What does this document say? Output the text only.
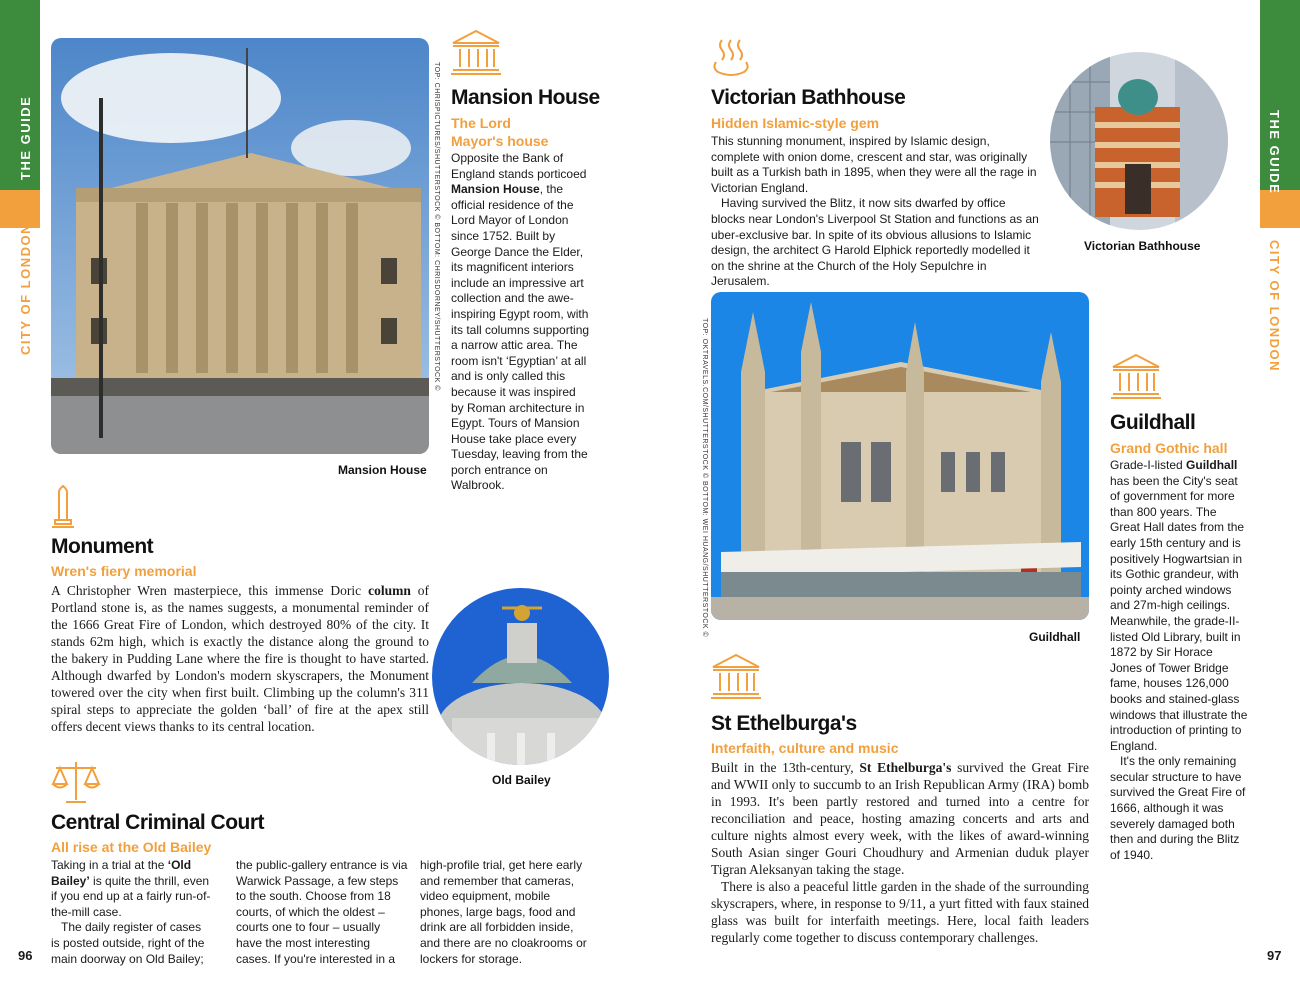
THE GUIDE
CITY OF LONDON
THE GUIDE
CITY OF LONDON
96	97
TOP: CHRISPICTURES/SHUTTERSTOCK © BOTTOM: CHRISDORNEY/SHUTTERSTOCK ©
Mansion House
Mansion House
The Lord
Mayor's house
Opposite the Bank of England stands porticoed Mansion House, the official residence of the Lord Mayor of London since 1752. Built by George Dance the Elder, its magnificent interiors include an impressive art collection and the awe-inspiring Egypt room, with its tall columns supporting a narrow attic area. The room isn't ‘Egyptian’ at all and is only called this because it was inspired by Roman architecture in Egypt. Tours of Mansion House take place every Tuesday, leaving from the porch entrance on Walbrook.
Monument
Wren's fiery memorial
A Christopher Wren masterpiece, this immense Doric column of Portland stone is, as the names suggests, a monumental reminder of the 1666 Great Fire of London, which destroyed 80% of the city. It stands 62m high, which is exactly the distance along the ground to the bakery in Pudding Lane where the fire is thought to have started. Although dwarfed by London's modern skyscrapers, the Monument towered over the city when first built. Climbing up the column's 311 spiral steps to appreciate the golden ‘ball’ of fire at the apex still offers decent views thanks to its central location.
Old Bailey
Central Criminal Court
All rise at the Old Bailey

Taking in a trial at the ‘Old Bailey’ is quite the thrill, even if you end up at a fairly run-of-the-mill case.

The daily register of cases is posted outside, right of the main doorway on Old Bailey;

the public-gallery entrance is via Warwick Passage, a few steps to the south. Choose from 18 courts, of which the oldest – courts one to four – usually have the most interesting cases. If you're interested in a
high-profile trial, get here early and remember that cameras, video equipment, mobile phones, large bags, food and drink are all forbidden inside, and there are no cloakrooms or lockers for storage.
Victorian Bathhouse
Hidden Islamic-style gem

This stunning monument, inspired by Islamic design, complete with onion dome, crescent and star, was originally built as a Turkish bath in 1895, when they were all the rage in Victorian England.

Having survived the Blitz, it now sits dwarfed by office blocks near London's Liverpool St Station and functions as an uber-exclusive bar. In spite of its obvious allusions to Islamic design, the architect G Harold Elphick reportedly modelled it on the shrine at the Church of the Holy Sepulchre in Jerusalem.

Victorian Bathhouse
TOP: OKTRAVELS.COM/SHUTTERSTOCK © BOTTOM: WEI HUANG/SHUTTERSTOCK ©	Guildhall
St Ethelburga's
Interfaith, culture and music

Built in the 13th-century, St Ethelburga's survived the Great Fire and WWII only to succumb to an Irish Republican Army (IRA) bomb in 1993. It's been partly restored and turned into a centre for reconciliation and peace, hosting amazing concerts and arts and culture nights almost every week, with the likes of award-winning South Asian singer Gouri Choudhury and Armenian duduk player Tigran Aleksanyan taking the stage.

There is also a peaceful little garden in the shade of the surrounding skyscrapers, where, in response to 9/11, a yurt fitted with faux stained glass was built for interfaith meetings. Here, local faith leaders regularly come together to discuss contemporary challenges.

Guildhall
Grand Gothic hall

Grade-I-listed Guildhall has been the City's seat of government for more than 800 years. The Great Hall dates from the early 15th century and is positively Hogwartsian in its Gothic grandeur, with pointy arched windows and 27m-high ceilings. Meanwhile, the grade-II-listed Old Library, built in 1872 by Sir Horace Jones of Tower Bridge fame, houses 126,000 books and stained-glass windows that illustrate the introduction of printing to England.

It's the only remaining secular structure to have survived the Great Fire of 1666, although it was severely damaged both then and during the Blitz of 1940.
